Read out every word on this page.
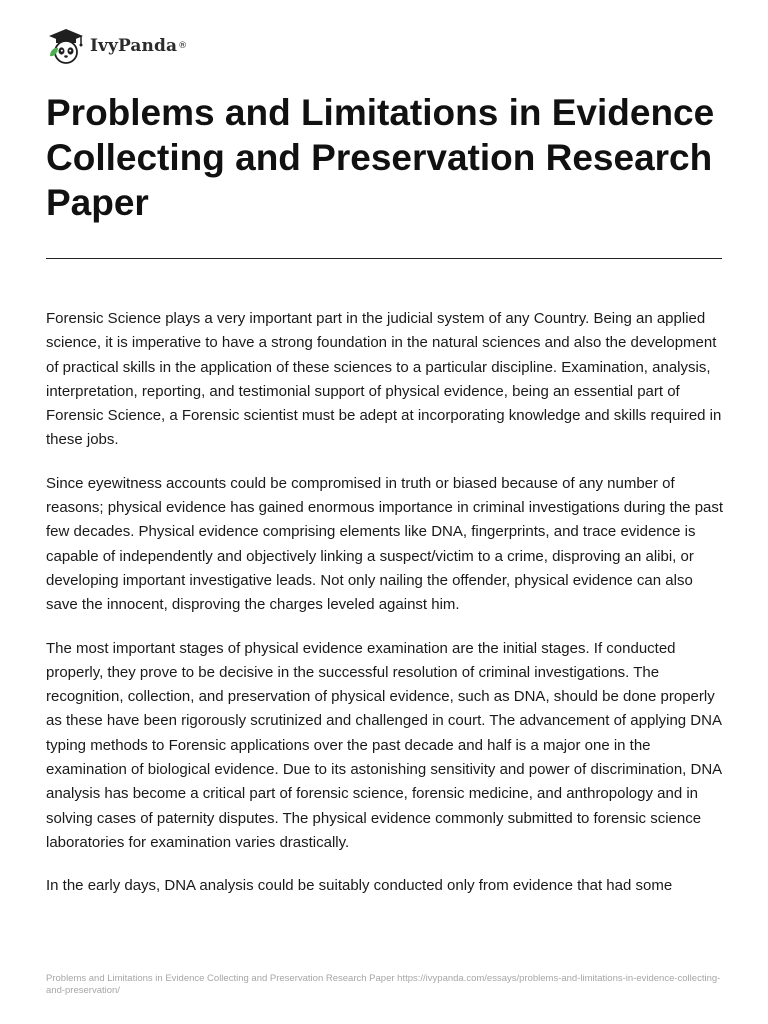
IvyPanda ®
Problems and Limitations in Evidence Collecting and Preservation Research Paper

Forensic Science plays a very important part in the judicial system of any Country. Being an applied science, it is imperative to have a strong foundation in the natural sciences and also the development of practical skills in the application of these sciences to a particular discipline. Examination, analysis, interpretation, reporting, and testimonial support of physical evidence, being an essential part of Forensic Science, a Forensic scientist must be adept at incorporating knowledge and skills required in these jobs.

Since eyewitness accounts could be compromised in truth or biased because of any number of reasons; physical evidence has gained enormous importance in criminal investigations during the past few decades. Physical evidence comprising elements like DNA, fingerprints, and trace evidence is capable of independently and objectively linking a suspect/victim to a crime, disproving an alibi, or developing important investigative leads. Not only nailing the offender, physical evidence can also save the innocent, disproving the charges leveled against him.

The most important stages of physical evidence examination are the initial stages. If conducted properly, they prove to be decisive in the successful resolution of criminal investigations. The recognition, collection, and preservation of physical evidence, such as DNA, should be done properly as these have been rigorously scrutinized and challenged in court. The advancement of applying DNA typing methods to Forensic applications over the past decade and half is a major one in the examination of biological evidence. Due to its astonishing sensitivity and power of discrimination, DNA analysis has become a critical part of forensic science, forensic medicine, and anthropology and in solving cases of paternity disputes. The physical evidence commonly submitted to forensic science laboratories for examination varies drastically.

In the early days, DNA analysis could be suitably conducted only from evidence that had some

Problems and Limitations in Evidence Collecting and Preservation Research Paper https://ivypanda.com/essays/problems-and-limitations-in-evidence-collecting-and-preservation/
